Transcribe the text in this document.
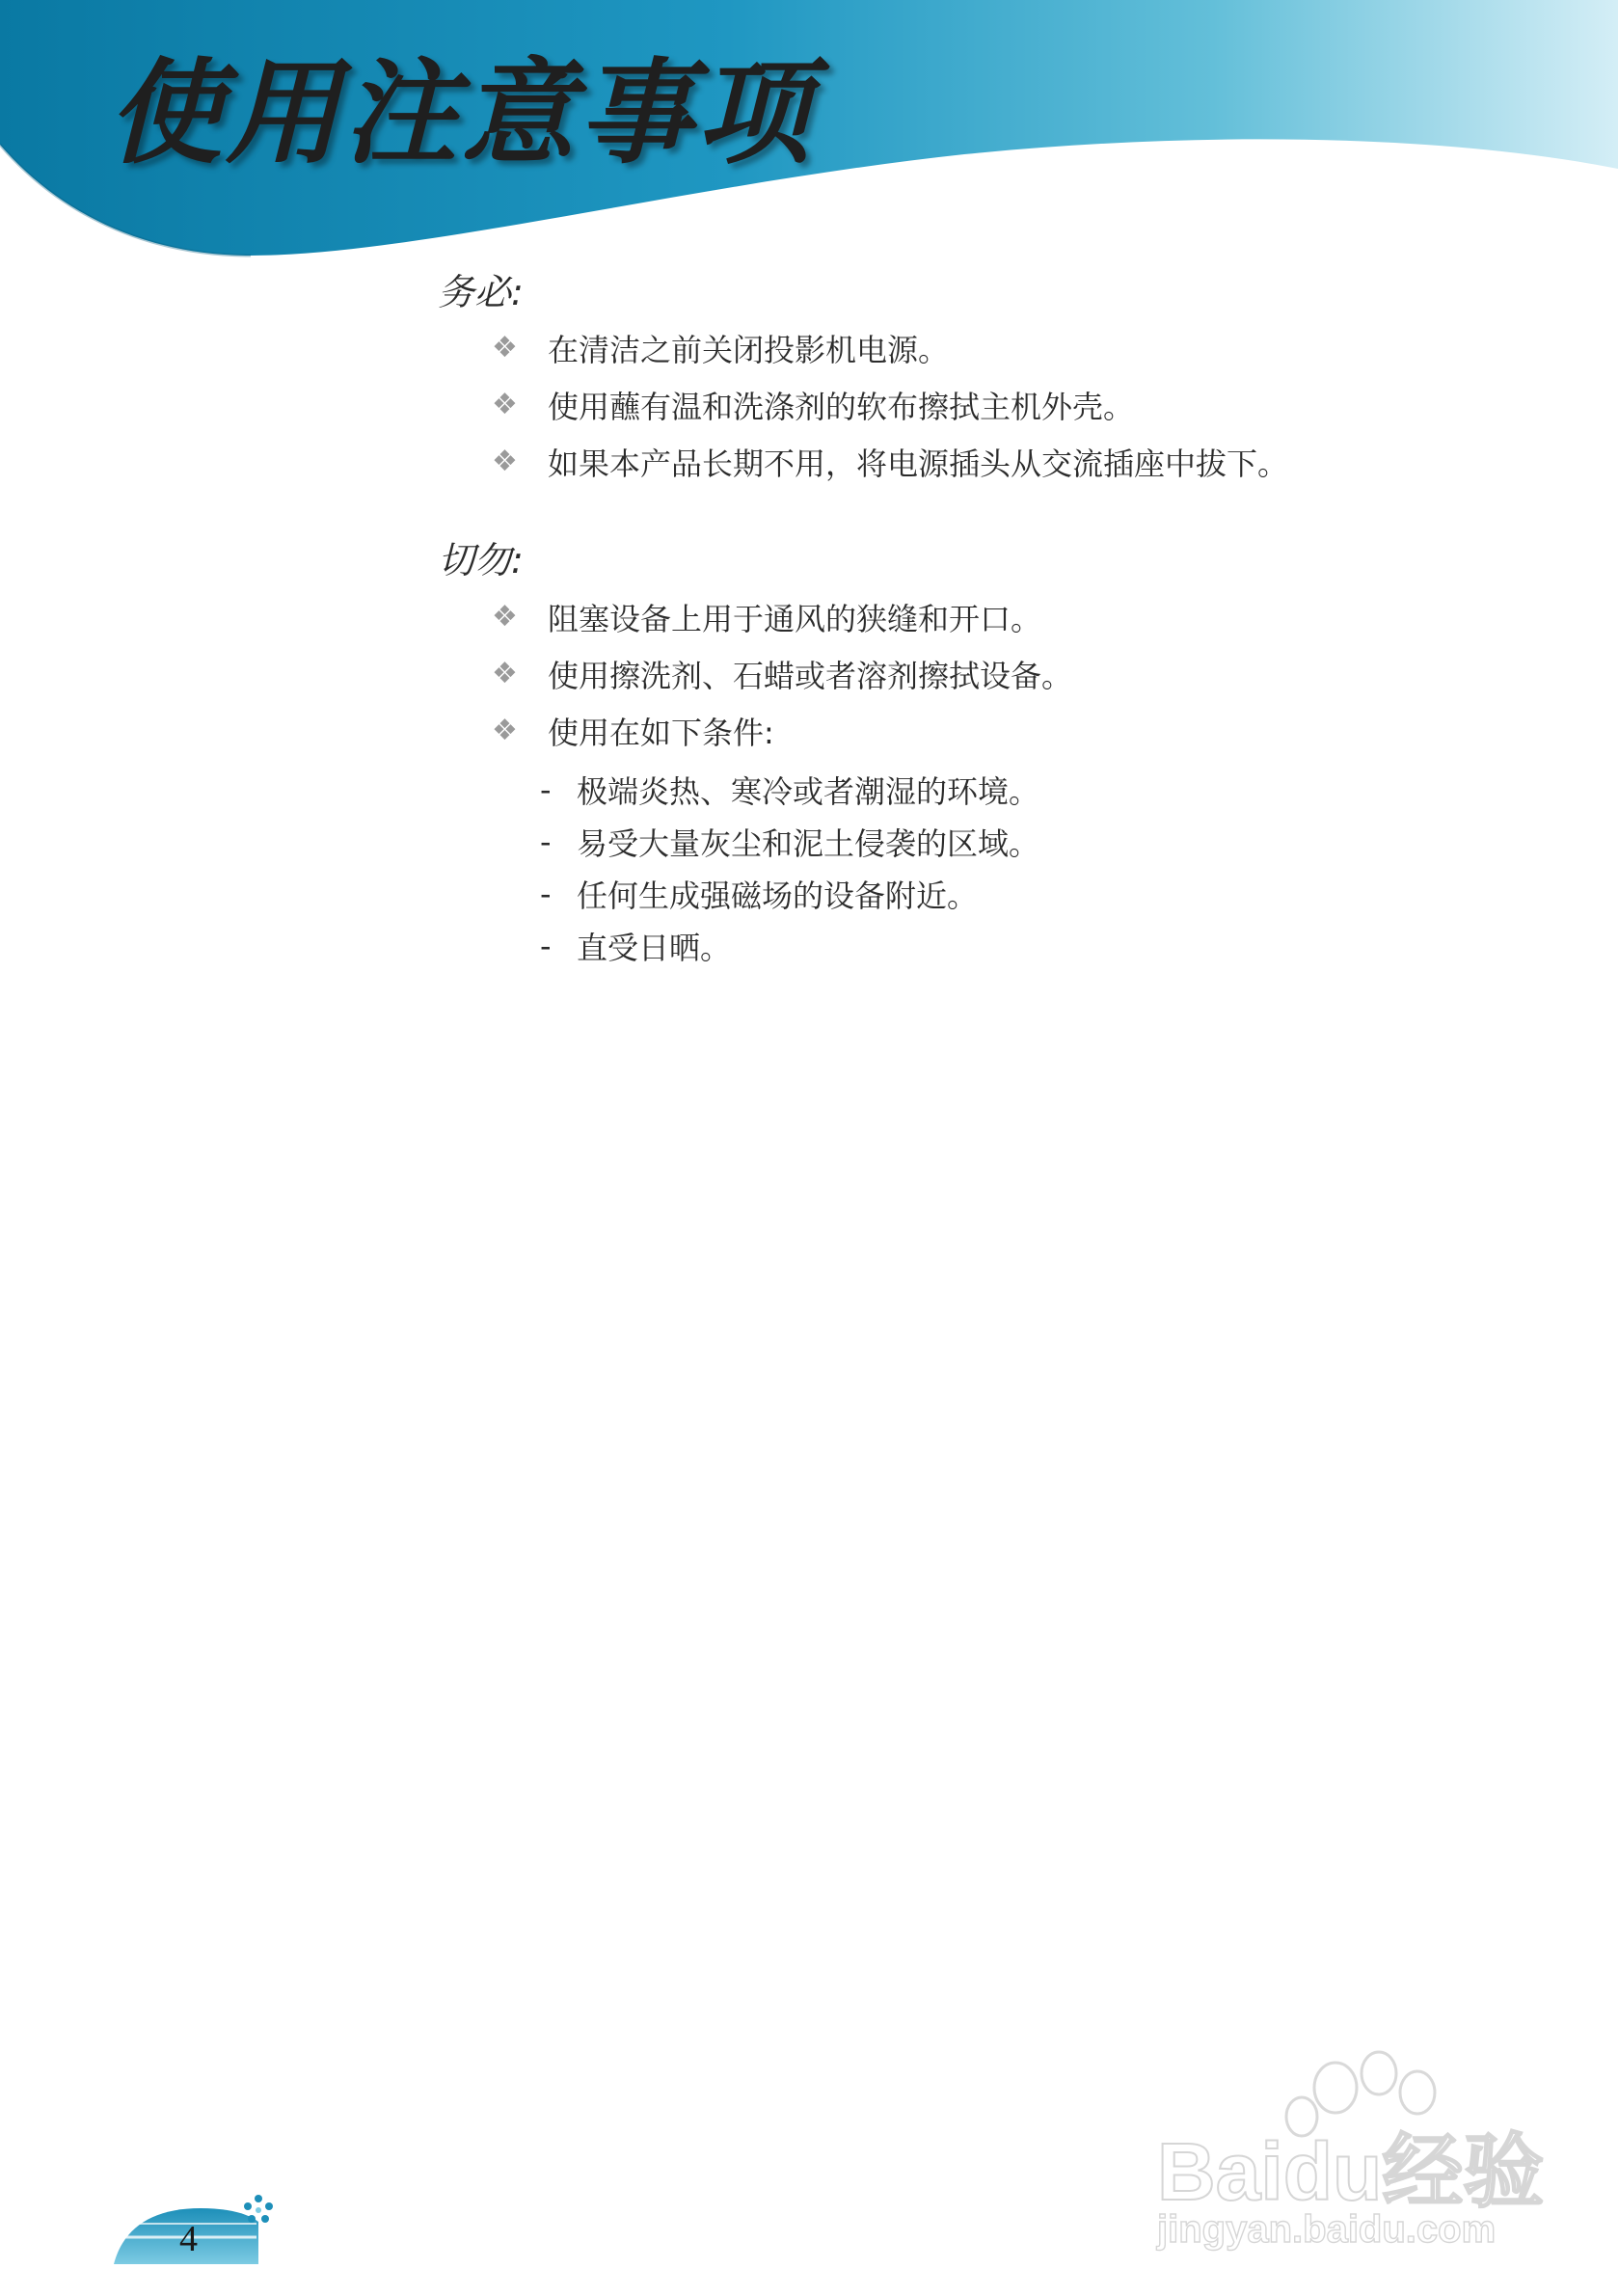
使用注意事项
务必:
❖ 在清洁之前关闭投影机电源。
❖ 使用蘸有温和洗涤剂的软布擦拭主机外壳。
❖ 如果本产品长期不用，将电源插头从交流插座中拔下。
切勿:
❖ 阻塞设备上用于通风的狭缝和开口。
❖ 使用擦洗剂、石蜡或者溶剂擦拭设备。
❖ 使用在如下条件:
- 极端炎热、寒冷或者潮湿的环境。
- 易受大量灰尘和泥土侵袭的区域。
- 任何生成强磁场的设备附近。
- 直受日晒。
4
Baidu经验
jingyan.baidu.com
